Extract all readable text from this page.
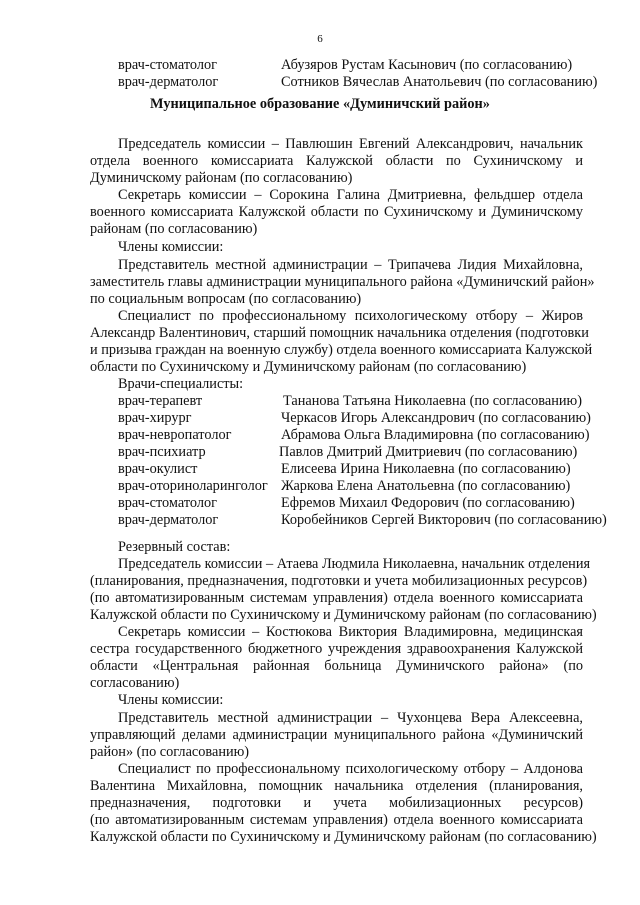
6
врач-стоматолог	Абузяров Рустам Касынович (по согласованию)
врач-дерматолог	Сотников Вячеслав Анатольевич (по согласованию)
Муниципальное образование «Думиничский район»
Председатель комиссии – Павлюшин Евгений Александрович, начальник
отдела военного комиссариата Калужской области по Сухиничскому и
Думиничскому районам (по согласованию)
Секретарь комиссии – Сорокина Галина Дмитриевна, фельдшер отдела
военного комиссариата Калужской области по Сухиничскому и Думиничскому
районам (по согласованию)
Члены комиссии:
Представитель местной администрации – Трипачева Лидия Михайловна,
заместитель главы администрации муниципального района «Думиничский район»
по социальным вопросам (по согласованию)
Специалист по профессиональному психологическому отбору – Жиров
Александр Валентинович, старший помощник начальника отделения (подготовки
и призыва граждан на военную службу) отдела военного комиссариата Калужской
области по Сухиничскому и Думиничскому районам (по согласованию)
Врачи-специалисты:
врач-терапевт	Тананова Татьяна Николаевна (по согласованию)
врач-хирург	Черкасов Игорь Александрович (по согласованию)
врач-невропатолог	Абрамова Ольга Владимировна (по согласованию)
врач-психиатр	Павлов Дмитрий Дмитриевич (по согласованию)
врач-окулист	Елисеева Ирина Николаевна (по согласованию)
врач-оториноларинголог Жаркова Елена Анатольевна (по согласованию)
врач-стоматолог	Ефремов Михаил Федорович (по согласованию)
врач-дерматолог	Коробейников Сергей Викторович (по согласованию)
Резервный состав:
Председатель комиссии – Атаева Людмила Николаевна, начальник отделения
(планирования, предназначения, подготовки и учета мобилизационных ресурсов)
(по автоматизированным системам управления) отдела военного комиссариата
Калужской области по Сухиничскому и Думиничскому районам (по согласованию)
Секретарь комиссии – Костюкова Виктория Владимировна, медицинская
сестра государственного бюджетного учреждения здравоохранения Калужской
области «Центральная районная больница Думиничского района» (по
согласованию)
Члены комиссии:
Представитель местной администрации – Чухонцева Вера Алексеевна,
управляющий делами администрации муниципального района «Думиничский
район» (по согласованию)
Специалист по профессиональному психологическому отбору – Алдонова
Валентина Михайловна, помощник начальника отделения (планирования,
предназначения, подготовки и учета мобилизационных ресурсов)
(по автоматизированным системам управления) отдела военного комиссариата
Калужской области по Сухиничскому и Думиничскому районам (по согласованию)
